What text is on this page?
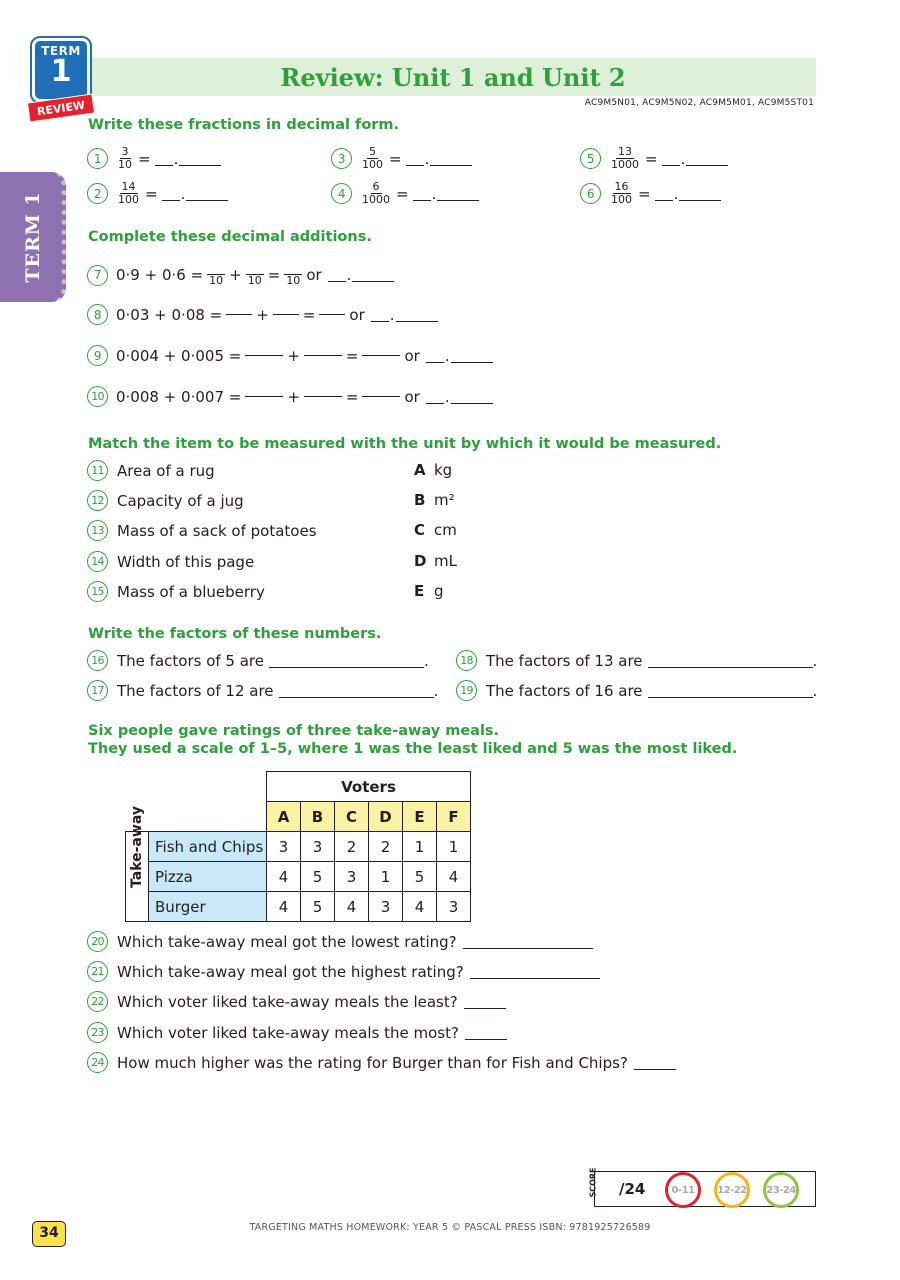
Review: Unit 1 and Unit 2
AC9M5N01, AC9M5N02, AC9M5M01, AC9M5ST01
TERM
1
REVIEW
TERM 1
Write these fractions in decimal form.
1	$\frac{3}{10}$ = .
2	$\frac{14}{100}$ = .
3	$\frac{5}{100}$ = .
4	$\frac{6}{1000}$ = .
5	$\frac{13}{1000}$ = .
6	$\frac{16}{100}$ = .
Complete these decimal additions.
7 0·9 + 0·6 = 10 + 10 = 10 or .
8 0·03 + 0·08 = + = or .
9 0·004 + 0·005 =	+	=	or .
10 0·008 + 0·007 =	+	=	or .
Match the item to be measured with the unit by which it would be measured.
11 Area of a rug
12 Capacity of a jug
13 Mass of a sack of potatoes
14 Width of this page
15 Mass of a blueberry
A kg
B m²
C cm
D mL
E g
Write the factors of these numbers.
16 The factors of 5 are	.
17 The factors of 12 are	.
18 The factors of 13 are	.
19 The factors of 16 are	.
Six people gave ratings of three take-away meals.
They used a scale of 1–5, where 1 was the least liked and 5 was the most liked.
		Voters					
		A	B	C	D	E	F

Take-away	Fish and Chips	3	3	2	2	1	1
	Pizza	4	5	3	1	5	4
	Burger	4	5	4	3	4	3
20 Which take-away meal got the lowest rating?
21 Which take-away meal got the highest rating?
22 Which voter liked take-away meals the least?
23 Which voter liked take-away meals the most?
24 How much higher was the rating for Burger than for Fish and Chips?
SCORE /24	0-11	12-22	23-24
34	TARGETING MATHS HOMEWORK: YEAR 5 © PASCAL PRESS ISBN: 9781925726589
